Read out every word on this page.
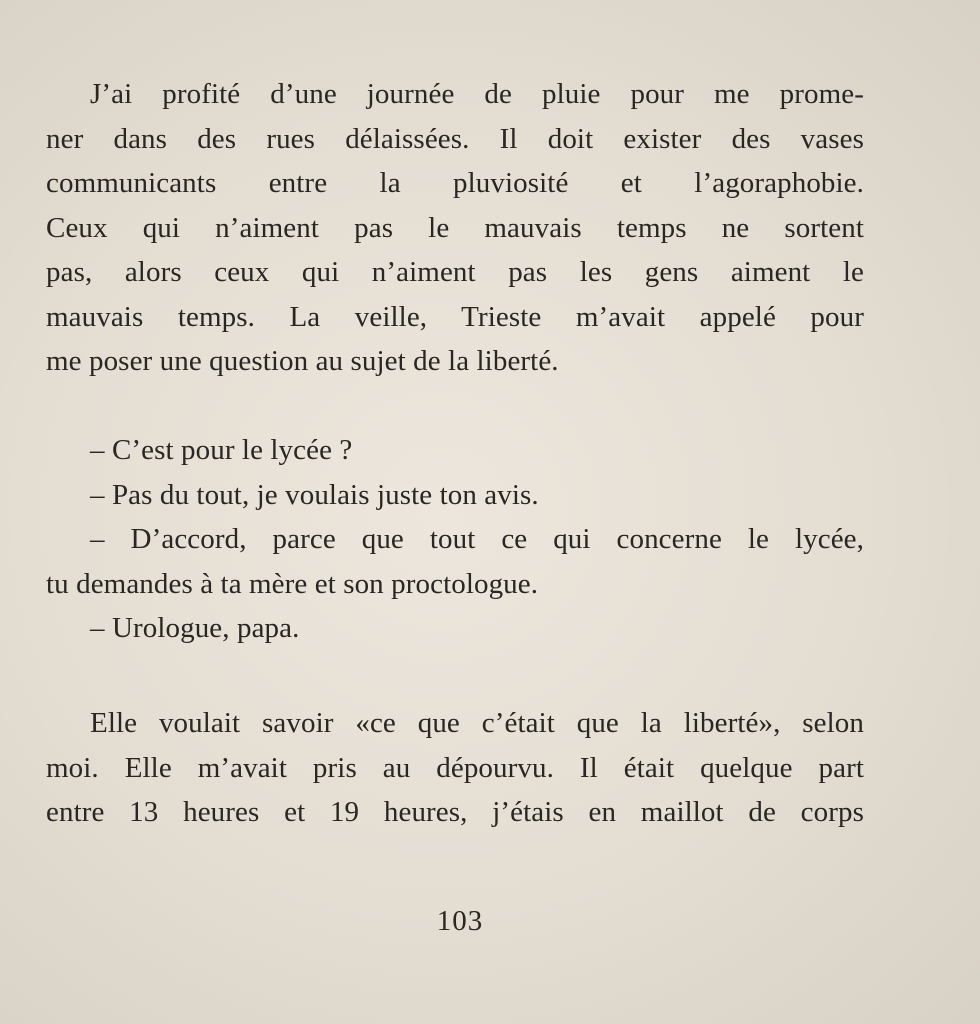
J’ai profité d’une journée de pluie pour me prome-
ner dans des rues délaissées. Il doit exister des vases
communicants entre la pluviosité et l’agoraphobie.
Ceux qui n’aiment pas le mauvais temps ne sortent
pas, alors ceux qui n’aiment pas les gens aiment le
mauvais temps. La veille, Trieste m’avait appelé pour
me poser une question au sujet de la liberté.
– C’est pour le lycée ?
– Pas du tout, je voulais juste ton avis.
– D’accord, parce que tout ce qui concerne le lycée,
tu demandes à ta mère et son proctologue.
– Urologue, papa.
Elle voulait savoir «ce que c’était que la liberté», selon
moi. Elle m’avait pris au dépourvu. Il était quelque part
entre 13 heures et 19 heures, j’étais en maillot de corps
103
